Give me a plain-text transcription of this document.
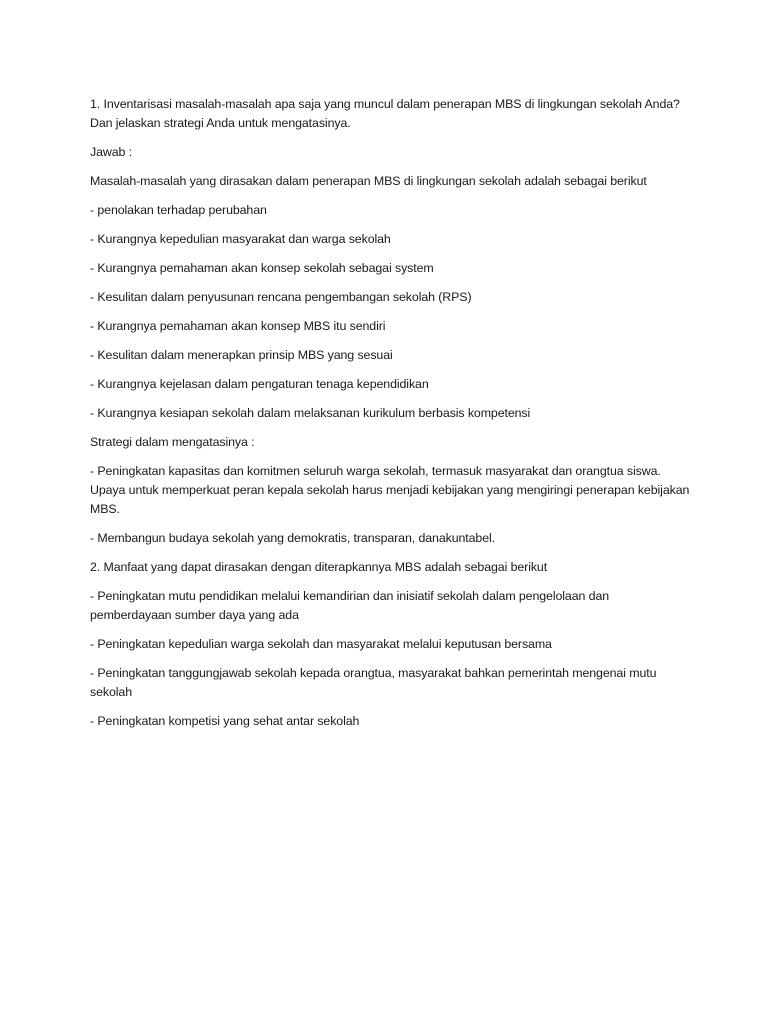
1. Inventarisasi masalah-masalah apa saja yang muncul dalam penerapan MBS di lingkungan sekolah Anda?Dan jelaskan strategi Anda untuk mengatasinya.

Jawab :

Masalah-masalah yang dirasakan dalam penerapan MBS di lingkungan sekolah adalah sebagai berikut

- penolakan terhadap perubahan

- Kurangnya kepedulian masyarakat dan warga sekolah

- Kurangnya pemahaman akan konsep sekolah sebagai system

- Kesulitan dalam penyusunan rencana pengembangan sekolah (RPS)

- Kurangnya pemahaman akan konsep MBS itu sendiri

- Kesulitan dalam menerapkan prinsip MBS yang sesuai

- Kurangnya kejelasan dalam pengaturan tenaga kependidikan

- Kurangnya kesiapan sekolah dalam melaksanan kurikulum berbasis kompetensi

Strategi dalam mengatasinya :

- Peningkatan kapasitas dan komitmen seluruh warga sekolah, termasuk masyarakat dan orangtua siswa. Upaya untuk memperkuat peran kepala sekolah harus menjadi kebijakan yang mengiringi penerapan kebijakan MBS.

- Membangun budaya sekolah yang demokratis, transparan, danakuntabel.

2. Manfaat yang dapat dirasakan dengan diterapkannya MBS adalah sebagai berikut

- Peningkatan mutu pendidikan melalui kemandirian dan inisiatif sekolah dalam pengelolaan dan pemberdayaan sumber daya yang ada

- Peningkatan kepedulian warga sekolah dan masyarakat melalui keputusan bersama

- Peningkatan tanggungjawab sekolah kepada orangtua, masyarakat bahkan pemerintah mengenai mutu sekolah

- Peningkatan kompetisi yang sehat antar sekolah
